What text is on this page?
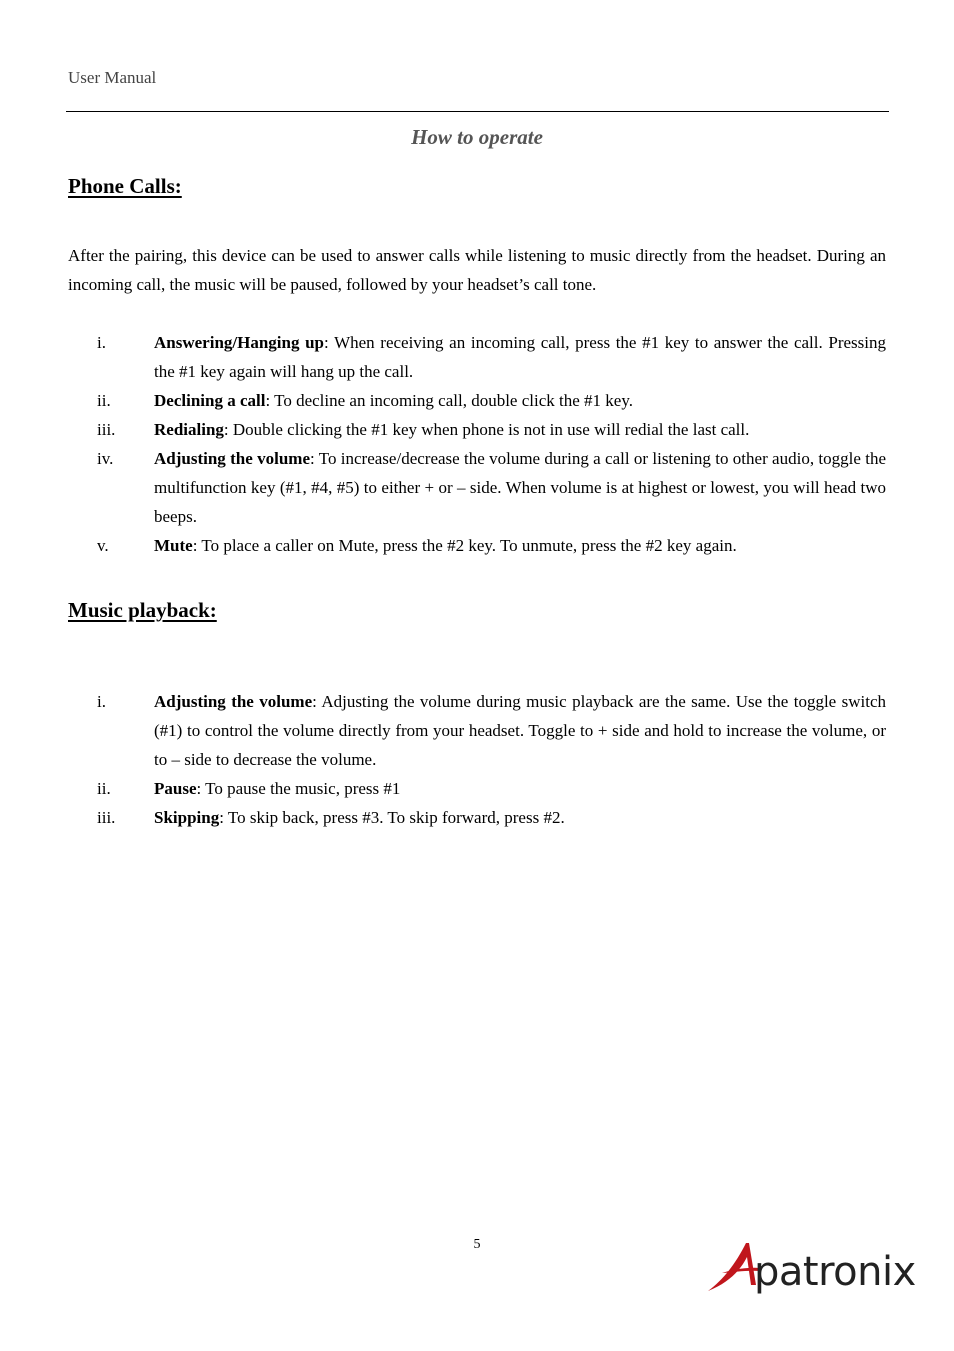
User Manual
How to operate
Phone Calls:
After the pairing, this device can be used to answer calls while listening to music directly from the headset. During an incoming call, the music will be paused, followed by your headset’s call tone.
i.	Answering/Hanging up: When receiving an incoming call, press the #1 key to answer the call. Pressing the #1 key again will hang up the call.
ii.	Declining a call: To decline an incoming call, double click the #1 key.
iii. Redialing: Double clicking the #1 key when phone is not in use will redial the last call.
iv. Adjusting the volume: To increase/decrease the volume during a call or listening to other audio, toggle the multifunction key (#1, #4, #5) to either + or – side. When volume is at highest or lowest, you will head two beeps.
v.	Mute: To place a caller on Mute, press the #2 key. To unmute, press the #2 key again.
Music playback:
i.	Adjusting the volume: Adjusting the volume during music playback are the same. Use the toggle switch (#1) to control the volume directly from your headset. Toggle to + side and hold to increase the volume, or to – side to decrease the volume.
ii.	Pause: To pause the music, press #1
iii. Skipping: To skip back, press #3. To skip forward, press #2.
5
patronix
